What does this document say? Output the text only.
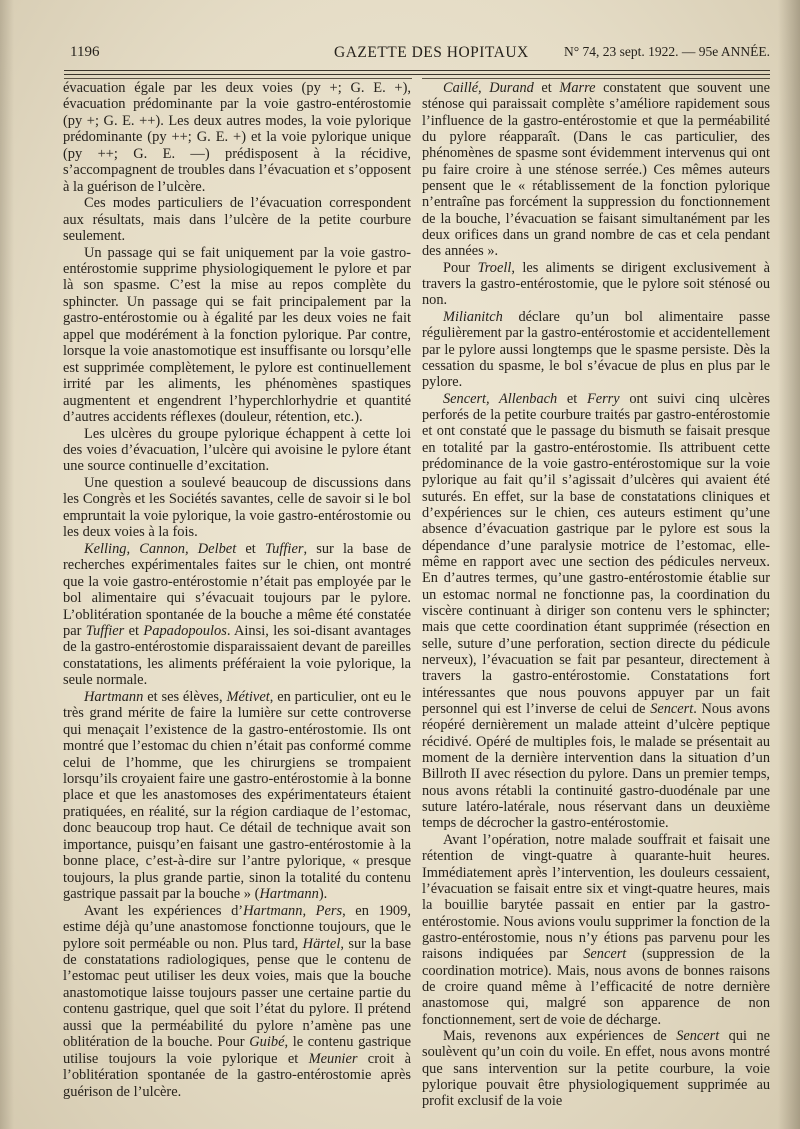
1196	GAZETTE DES HOPITAUX	N° 74, 23 sept. 1922. — 95e ANNÉE.

évacuation égale par les deux voies (py +; G. E. +), évacuation prédominante par la voie gastro-entérostomie (py +; G. E. ++). Les deux autres modes, la voie pylorique prédominante (py ++; G. E. +) et la voie pylorique unique (py ++; G. E. —) prédisposent à la récidive, s’accompagnent de troubles dans l’évacuation et s’opposent à la guérison de l’ulcère.

Ces modes particuliers de l’évacuation correspondent aux résultats, mais dans l’ulcère de la petite courbure seulement.

Un passage qui se fait uniquement par la voie gastro-entérostomie supprime physiologiquement le pylore et par là son spasme. C’est la mise au repos complète du sphincter. Un passage qui se fait principalement par la gastro-entérostomie ou à égalité par les deux voies ne fait appel que modérément à la fonction pylorique. Par contre, lorsque la voie anastomotique est insuffisante ou lorsqu’elle est supprimée complètement, le pylore est continuellement irrité par les aliments, les phénomènes spastiques augmentent et engendrent l’hyperchlorhydrie et quantité d’autres accidents réflexes (douleur, rétention, etc.).

Les ulcères du groupe pylorique échappent à cette loi des voies d’évacuation, l’ulcère qui avoisine le pylore étant une source continuelle d’excitation.

Une question a soulevé beaucoup de discussions dans les Congrès et les Sociétés savantes, celle de savoir si le bol empruntait la voie pylorique, la voie gastro-entérostomie ou les deux voies à la fois.

Kelling, Cannon, Delbet et Tuffier, sur la base de recherches expérimentales faites sur le chien, ont montré que la voie gastro-entérostomie n’était pas employée par le bol alimentaire qui s’évacuait toujours par le pylore. L’oblitération spontanée de la bouche a même été constatée par Tuffier et Papadopoulos. Ainsi, les soi-disant avantages de la gastro-entérostomie disparaissaient devant de pareilles constatations, les aliments préféraient la voie pylorique, la seule normale.

Hartmann et ses élèves, Métivet, en particulier, ont eu le très grand mérite de faire la lumière sur cette controverse qui menaçait l’existence de la gastro-entérostomie. Ils ont montré que l’estomac du chien n’était pas conformé comme celui de l’homme, que les chirurgiens se trompaient lorsqu’ils croyaient faire une gastro-entérostomie à la bonne place et que les anastomoses des expérimentateurs étaient pratiquées, en réalité, sur la région cardiaque de l’estomac, donc beaucoup trop haut. Ce détail de technique avait son importance, puisqu’en faisant une gastro-entérostomie à la bonne place, c’est-à-dire sur l’antre pylorique, « presque toujours, la plus grande partie, sinon la totalité du contenu gastrique passait par la bouche » (Hartmann).

Avant les expériences d’Hartmann, Pers, en 1909, estime déjà qu’une anastomose fonctionne toujours, que le pylore soit perméable ou non. Plus tard, Härtel, sur la base de constatations radiologiques, pense que le contenu de l’estomac peut utiliser les deux voies, mais que la bouche anastomotique laisse toujours passer une certaine partie du contenu gastrique, quel que soit l’état du pylore. Il prétend aussi que la perméabilité du pylore n’amène pas une oblitération de la bouche. Pour Guibé, le contenu gastrique utilise toujours la voie pylorique et Meunier croit à l’oblitération spontanée de la gastro-entérostomie après guérison de l’ulcère.

Caillé, Durand et Marre constatent que souvent une sténose qui paraissait complète s’améliore rapidement sous l’influence de la gastro-entérostomie et que la perméabilité du pylore réapparaît. (Dans le cas particulier, des phénomènes de spasme sont évidemment intervenus qui ont pu faire croire à une sténose serrée.) Ces mêmes auteurs pensent que le « rétablissement de la fonction pylorique n’entraîne pas forcément la suppression du fonctionnement de la bouche, l’évacuation se faisant simultanément par les deux orifices dans un grand nombre de cas et cela pendant des années ».

Pour Troell, les aliments se dirigent exclusivement à travers la gastro-entérostomie, que le pylore soit sténosé ou non.

Milianitch déclare qu’un bol alimentaire passe régulièrement par la gastro-entérostomie et accidentellement par le pylore aussi longtemps que le spasme persiste. Dès la cessation du spasme, le bol s’évacue de plus en plus par le pylore.

Sencert, Allenbach et Ferry ont suivi cinq ulcères perforés de la petite courbure traités par gastro-entérostomie et ont constaté que le passage du bismuth se faisait presque en totalité par la gastro-entérostomie. Ils attribuent cette prédominance de la voie gastro-entérostomique sur la voie pylorique au fait qu’il s’agissait d’ulcères qui avaient été suturés. En effet, sur la base de constatations cliniques et d’expériences sur le chien, ces auteurs estiment qu’une absence d’évacuation gastrique par le pylore est sous la dépendance d’une paralysie motrice de l’estomac, elle-même en rapport avec une section des pédicules nerveux. En d’autres termes, qu’une gastro-entérostomie établie sur un estomac normal ne fonctionne pas, la coordination du viscère continuant à diriger son contenu vers le sphincter; mais que cette coordination étant supprimée (résection en selle, suture d’une perforation, section directe du pédicule nerveux), l’évacuation se fait par pesanteur, directement à travers la gastro-entérostomie. Constatations fort intéressantes que nous pouvons appuyer par un fait personnel qui est l’inverse de celui de Sencert. Nous avons réopéré dernièrement un malade atteint d’ulcère peptique récidivé. Opéré de multiples fois, le malade se présentait au moment de la dernière intervention dans la situation d’un Billroth II avec résection du pylore. Dans un premier temps, nous avons rétabli la continuité gastro-duodénale par une suture latéro-latérale, nous réservant dans un deuxième temps de décrocher la gastro-entérostomie.

Avant l’opération, notre malade souffrait et faisait une rétention de vingt-quatre à quarante-huit heures. Immédiatement après l’intervention, les douleurs cessaient, l’évacuation se faisait entre six et vingt-quatre heures, mais la bouillie barytée passait en entier par la gastro-entérostomie. Nous avions voulu supprimer la fonction de la gastro-entérostomie, nous n’y étions pas parvenu pour les raisons indiquées par Sencert (suppression de la coordination motrice). Mais, nous avons de bonnes raisons de croire quand même à l’efficacité de notre dernière anastomose qui, malgré son apparence de non fonctionnement, sert de voie de décharge.

Mais, revenons aux expériences de Sencert qui ne soulèvent qu’un coin du voile. En effet, nous avons montré que sans intervention sur la petite courbure, la voie pylorique pouvait être physiologiquement supprimée au profit exclusif de la voie
